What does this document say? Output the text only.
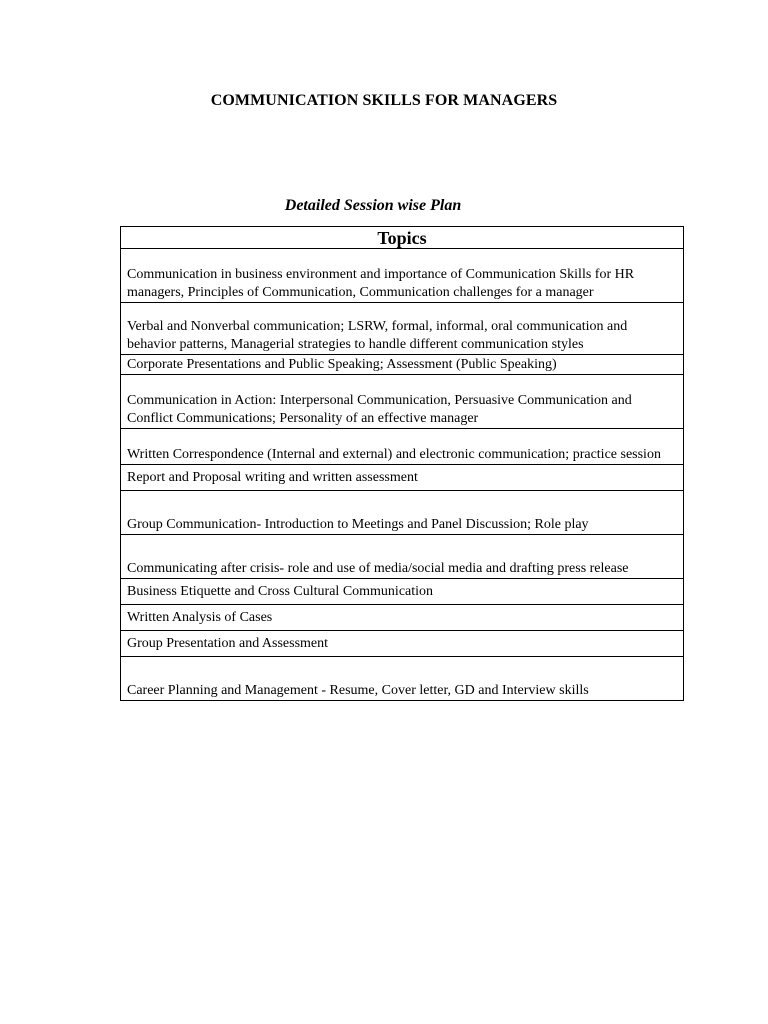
COMMUNICATION SKILLS FOR MANAGERS
Detailed Session wise Plan
Topics
Communication in business environment and importance of Communication Skills for HR managers, Principles of Communication, Communication challenges for a manager
Verbal and Nonverbal communication; LSRW, formal, informal, oral communication and behavior patterns, Managerial strategies to handle different communication styles
Corporate Presentations and Public Speaking; Assessment (Public Speaking)
Communication in Action: Interpersonal Communication, Persuasive Communication and Conflict Communications; Personality of an effective manager
Written Correspondence (Internal and external) and electronic communication; practice session
Report and Proposal writing and written assessment
Group Communication- Introduction to Meetings and Panel Discussion; Role play
Communicating after crisis- role and use of media/social media and drafting press release
Business Etiquette and Cross Cultural Communication
Written Analysis of Cases
Group Presentation and Assessment
Career Planning and Management - Resume, Cover letter, GD and Interview skills
